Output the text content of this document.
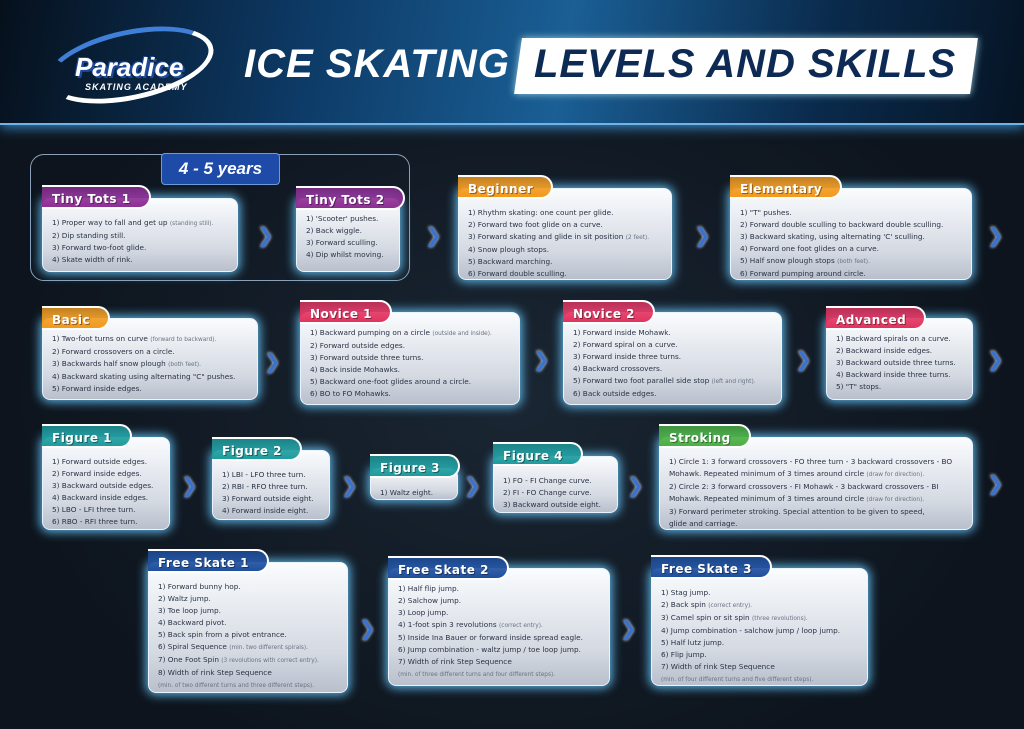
Paradice
SKATING ACADEMY
ICE SKATING LEVELS AND SKILLS
4 - 5 years
1) Proper way to fall and get up (standing still).
2) Dip standing still.
3) Forward two-foot glide.
4) Skate width of rink.
Tiny Tots 1
1) 'Scooter' pushes.
2) Back wiggle.
3) Forward sculling.
4) Dip whilst moving.
Tiny Tots 2
1) Rhythm skating: one count per glide.
2) Forward two foot glide on a curve.
3) Forward skating and glide in sit position (2 feet).
4) Snow plough stops.
5) Backward marching.
6) Forward double sculling.
Beginner
1) "T" pushes.
2) Forward double sculling to backward double sculling.
3) Backward skating, using alternating 'C' sculling.
4) Forward one foot glides on a curve.
5) Half snow plough stops (both feet).
6) Forward pumping around circle.
Elementary
1) Two-foot turns on curve (forward to backward).
2) Forward crossovers on a circle.
3) Backwards half snow plough (both feet).
4) Backward skating using alternating "C" pushes.
5) Forward inside edges.
Basic
1) Backward pumping on a circle (outside and inside).
2) Forward outside edges.
3) Forward outside three turns.
4) Back inside Mohawks.
5) Backward one-foot glides around a circle.
6) BO to FO Mohawks.
Novice 1
1) Forward inside Mohawk.
2) Forward spiral on a curve.
3) Forward inside three turns.
4) Backward crossovers.
5) Forward two foot parallel side stop (left and right).
6) Back outside edges.
Novice 2
1) Backward spirals on a curve.
2) Backward inside edges.
3) Backward outside three turns.
4) Backward inside three turns.
5) "T" stops.
Advanced
1) Forward outside edges.
2) Forward inside edges.
3) Backward outside edges.
4) Backward inside edges.
5) LBO - LFI three turn.
6) RBO - RFI three turn.
Figure 1
1) LBI - LFO three turn.
2) RBI - RFO three turn.
3) Forward outside eight.
4) Forward inside eight.
Figure 2
1) Waltz eight.
Figure 3
1) FO - FI Change curve.
2) FI - FO Change curve.
3) Backward outside eight.
Figure 4	1) Circle 1: 3 forward crossovers - FO three turn - 3 backward crossovers - BO
Mohawk. Repeated minimum of 3 times around circle (draw for direction).
2) Circle 2: 3 forward crossovers - FI Mohawk - 3 backward crossovers - BI
Mohawk. Repeated minimum of 3 times around circle (draw for direction).
3) Forward perimeter stroking. Special attention to be given to speed,
glide and carriage.
Stroking
1) Forward bunny hop.
2) Waltz jump.
3) Toe loop jump.
4) Backward pivot.
5) Back spin from a pivot entrance.
6) Spiral Sequence (min. two different spirals).
7) One Foot Spin (3 revolutions with correct entry).
8) Width of rink Step Sequence
(min. of two different turns and three different steps).
Free Skate 1
1) Half flip jump.
2) Salchow jump.
3) Loop jump.
4) 1-foot spin 3 revolutions (correct entry).
5) Inside Ina Bauer or forward inside spread eagle.
6) Jump combination - waltz jump / toe loop jump.
7) Width of rink Step Sequence
(min. of three different turns and four different steps).
Free Skate 2
1) Stag jump.
2) Back spin (correct entry).
3) Camel spin or sit spin (three revolutions).
4) Jump combination - salchow jump / loop jump.
5) Half lutz jump.
6) Flip jump.
7) Width of rink Step Sequence
(min. of four different turns and five different steps).
Free Skate 3
❯	❯	❯	❯
❯	❯	❯	❯
❯	❯	❯	❯	❯
❯	❯
